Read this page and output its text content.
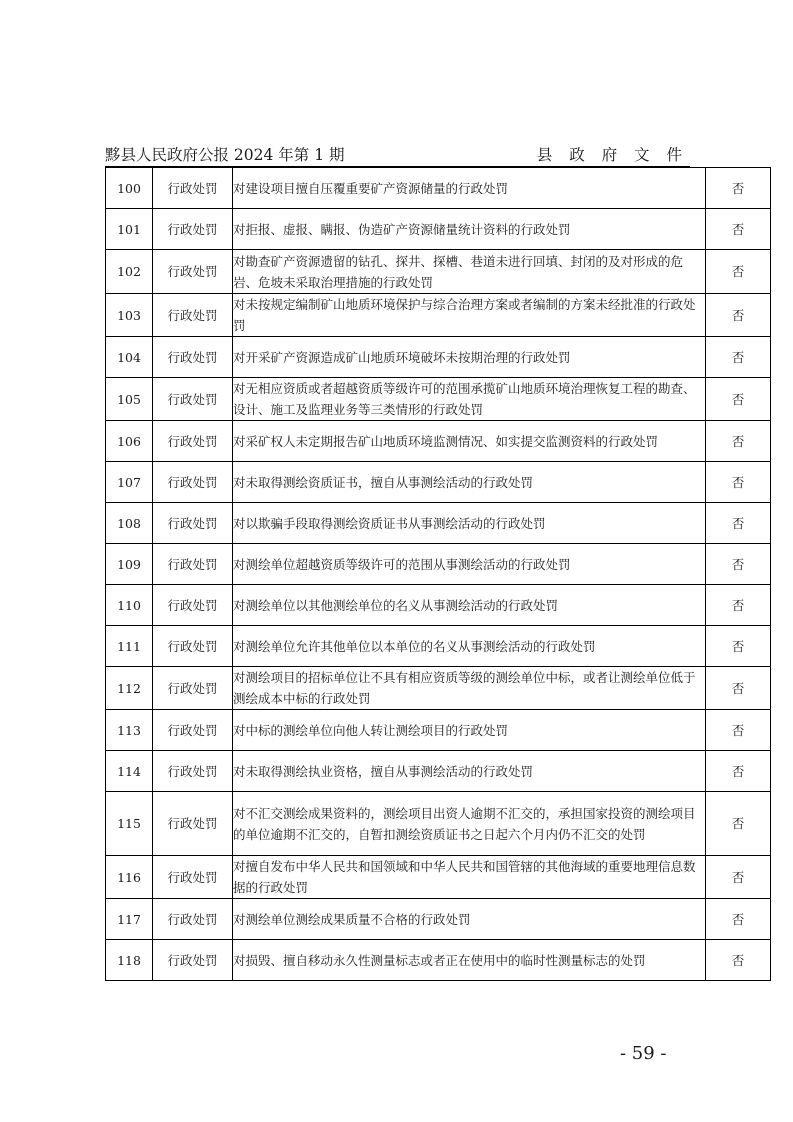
黟县人民政府公报 2024 年第 1 期	县 政 府 文 件
100	行政处罚	对建设项目擅自压覆重要矿产资源储量的行政处罚	否
101	行政处罚	对拒报、虚报、瞒报、伪造矿产资源储量统计资料的行政处罚	否
102	行政处罚	对勘查矿产资源遗留的钻孔、探井、探槽、巷道未进行回填、封闭的及对形成的危岩、危坡未采取治理措施的行政处罚	否
103	行政处罚	对未按规定编制矿山地质环境保护与综合治理方案或者编制的方案未经批准的行政处罚	否
104	行政处罚	对开采矿产资源造成矿山地质环境破坏未按期治理的行政处罚	否
105	行政处罚	对无相应资质或者超越资质等级许可的范围承揽矿山地质环境治理恢复工程的勘查、设计、施工及监理业务等三类情形的行政处罚	否
106	行政处罚	对采矿权人未定期报告矿山地质环境监测情况、如实提交监测资料的行政处罚	否
107	行政处罚	对未取得测绘资质证书，擅自从事测绘活动的行政处罚	否
108	行政处罚	对以欺骗手段取得测绘资质证书从事测绘活动的行政处罚	否
109	行政处罚	对测绘单位超越资质等级许可的范围从事测绘活动的行政处罚	否
110	行政处罚	对测绘单位以其他测绘单位的名义从事测绘活动的行政处罚	否
111	行政处罚	对测绘单位允许其他单位以本单位的名义从事测绘活动的行政处罚	否
112	行政处罚	对测绘项目的招标单位让不具有相应资质等级的测绘单位中标，或者让测绘单位低于测绘成本中标的行政处罚	否
113	行政处罚	对中标的测绘单位向他人转让测绘项目的行政处罚	否
114	行政处罚	对未取得测绘执业资格，擅自从事测绘活动的行政处罚	否
115	行政处罚	对不汇交测绘成果资料的，测绘项目出资人逾期不汇交的，承担国家投资的测绘项目的单位逾期不汇交的，自暂扣测绘资质证书之日起六个月内仍不汇交的处罚	否
116	行政处罚	对擅自发布中华人民共和国领域和中华人民共和国管辖的其他海域的重要地理信息数据的行政处罚	否
117	行政处罚	对测绘单位测绘成果质量不合格的行政处罚	否
118	行政处罚	对损毁、擅自移动永久性测量标志或者正在使用中的临时性测量标志的处罚	否
- 59 -
